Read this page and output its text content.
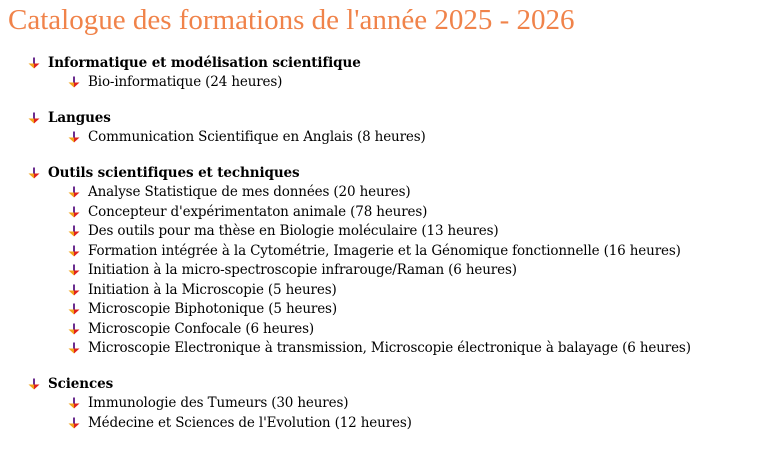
Catalogue des formations de l'année 2025 - 2026
Informatique et modélisation scientifique
Bio-informatique (24 heures)
Langues
Communication Scientifique en Anglais (8 heures)
Outils scientifiques et techniques
Analyse Statistique de mes données (20 heures)
Concepteur d'expérimentaton animale (78 heures)
Des outils pour ma thèse en Biologie moléculaire (13 heures)
Formation intégrée à la Cytométrie, Imagerie et la Génomique fonctionnelle (16 heures)
Initiation à la micro-spectroscopie infrarouge/Raman (6 heures)
Initiation à la Microscopie (5 heures)
Microscopie Biphotonique (5 heures)
Microscopie Confocale (6 heures)
Microscopie Electronique à transmission, Microscopie électronique à balayage (6 heures)
Sciences
Immunologie des Tumeurs (30 heures)
Médecine et Sciences de l'Evolution (12 heures)
